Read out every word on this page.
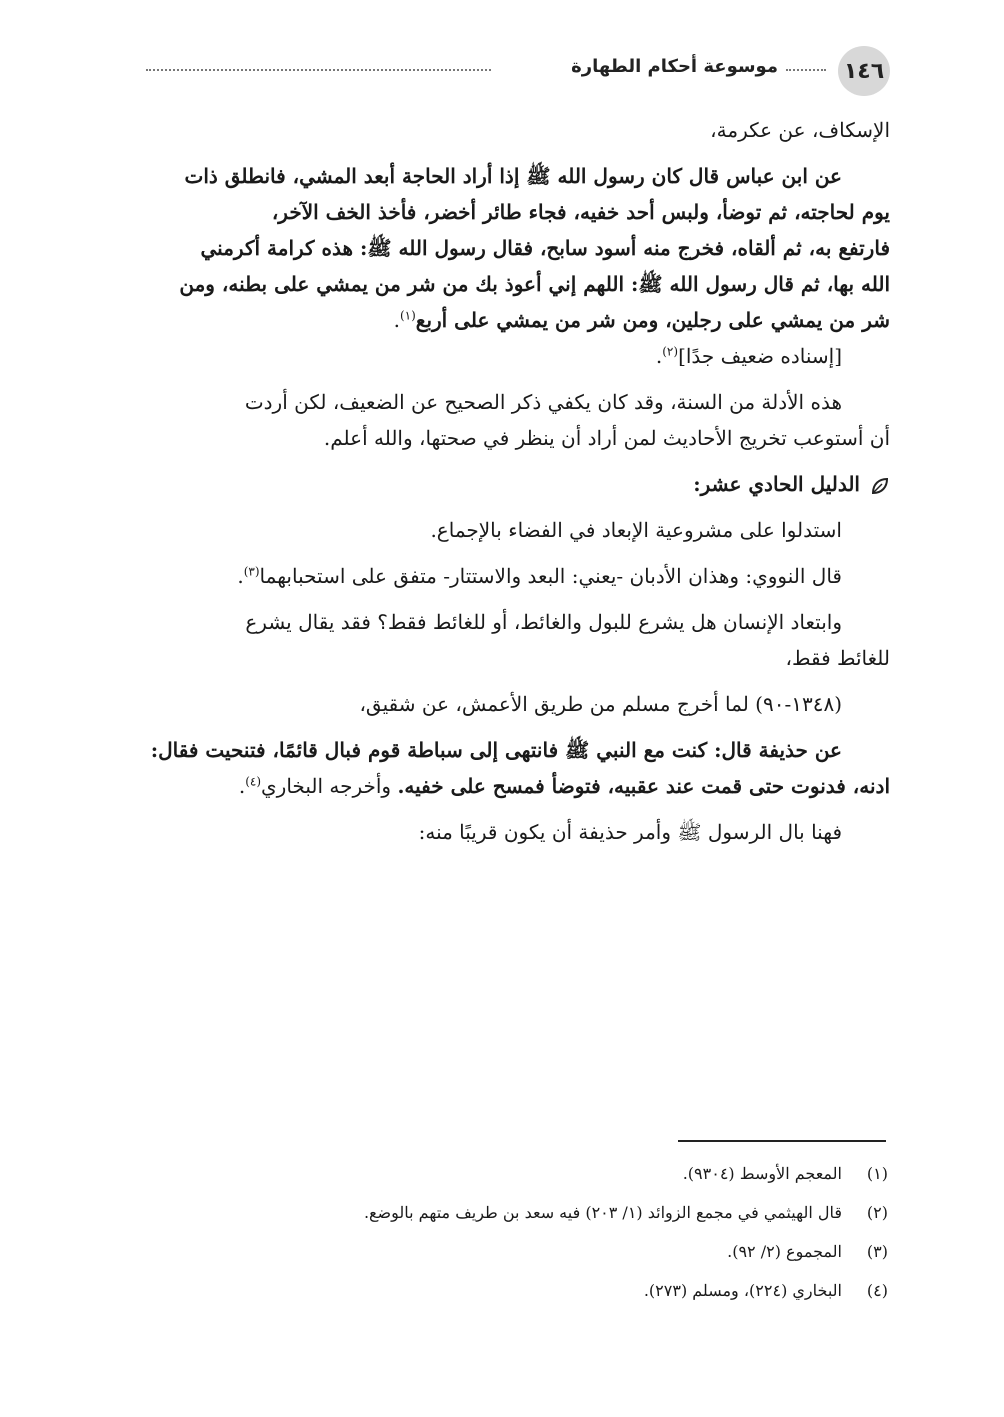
١٤٦
موسوعة أحكام الطهارة
الإسكاف، عن عكرمة،
عن ابن عباس قال كان رسول الله ﷺ إذا أراد الحاجة أبعد المشي، فانطلق ذات
يوم لحاجته، ثم توضأ، ولبس أحد خفيه، فجاء طائر أخضر، فأخذ الخف الآخر،
فارتفع به، ثم ألقاه، فخرج منه أسود سابح، فقال رسول الله ﷺ: هذه كرامة أكرمني
الله بها، ثم قال رسول الله ﷺ: اللهم إني أعوذ بك من شر من يمشي على بطنه، ومن
شر من يمشي على رجلين، ومن شر من يمشي على أربع$^{(١)}$.
[إسناده ضعيف جدًا]$^{(٢)}$.
هذه الأدلة من السنة، وقد كان يكفي ذكر الصحيح عن الضعيف، لكن أردت
أن أستوعب تخريج الأحاديث لمن أراد أن ينظر في صحتها، والله أعلم.
الدليل الحادي عشر:
استدلوا على مشروعية الإبعاد في الفضاء بالإجماع.
قال النووي: وهذان الأدبان -يعني: البعد والاستتار- متفق على استحبابهما$^{(٣)}$.
وابتعاد الإنسان هل يشرع للبول والغائط، أو للغائط فقط؟ فقد يقال يشرع
للغائط فقط،
(١٣٤٨-٩٠) لما أخرج مسلم من طريق الأعمش، عن شقيق،
عن حذيفة قال: كنت مع النبي ﷺ فانتهى إلى سباطة قوم فبال قائمًا، فتنحيت فقال:
ادنه، فدنوت حتى قمت عند عقبيه، فتوضأ فمسح على خفيه. وأخرجه البخاري$^{(٤)}$.
فهنا بال الرسول ﷺ وأمر حذيفة أن يكون قريبًا منه:
(١)
المعجم الأوسط (٩٣٠٤).
(٢)
قال الهيثمي في مجمع الزوائد (١/ ٢٠٣) فيه سعد بن طريف متهم بالوضع.
(٣)
المجموع (٢/ ٩٢).
(٤)
البخاري (٢٢٤)، ومسلم (٢٧٣).
